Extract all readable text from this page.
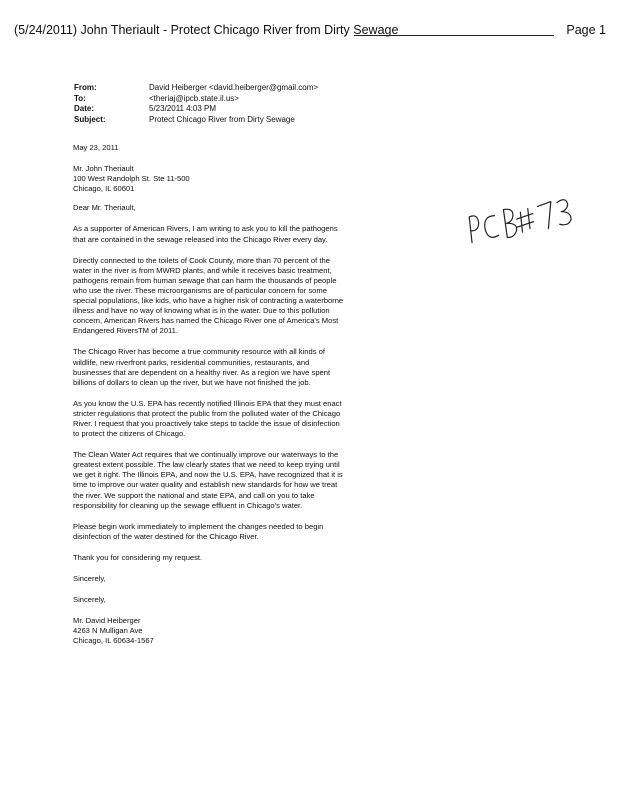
(5/24/2011) John Theriault - Protect Chicago River from Dirty Sewage	Page 1
From:	David Heiberger <david.heiberger@gmail.com>
To:	<theriaj@ipcb.state.il.us>
Date:	5/23/2011 4:03 PM
Subject:	Protect Chicago River from Dirty Sewage

May 23, 2011

Mr. John Theriault
100 West Randolph St. Ste 11-500
Chicago, IL 60601

Dear Mr. Theriault,

As a supporter of American Rivers, I am writing to ask you to kill the pathogens that are contained in the sewage released into the Chicago River every day.

Directly connected to the toilets of Cook County, more than 70 percent of the water in the river is from MWRD plants, and while it receives basic treatment, pathogens remain from human sewage that can harm the thousands of people who use the river. These microorganisms are of particular concern for some special populations, like kids, who have a higher risk of contracting a waterborne illness and have no way of knowing what is in the water. Due to this pollution concern, American Rivers has named the Chicago River one of America's Most Endangered RiversTM of 2011.

The Chicago River has become a true community resource with all kinds of wildlife, new riverfront parks, residential communities, restaurants, and businesses that are dependent on a healthy river. As a region we have spent billions of dollars to clean up the river, but we have not finished the job.

As you know the U.S. EPA has recently notified Illinois EPA that they must enact stricter regulations that protect the public from the polluted water of the Chicago River. I request that you proactively take steps to tackle the issue of disinfection to protect the citizens of Chicago.

The Clean Water Act requires that we continually improve our waterways to the greatest extent possible. The law clearly states that we need to keep trying until we get it right. The Illinois EPA, and now the U.S. EPA, have recognized that it is time to improve our water quality and establish new standards for how we treat the river. We support the national and state EPA, and call on you to take responsibility for cleaning up the sewage effluent in Chicago's water.

Please begin work immediately to implement the changes needed to begin disinfection of the water destined for the Chicago River.

Thank you for considering my request.

Sincerely,

Sincerely,

Mr. David Heiberger
4263 N Mulligan Ave
Chicago, IL 60634-1567
